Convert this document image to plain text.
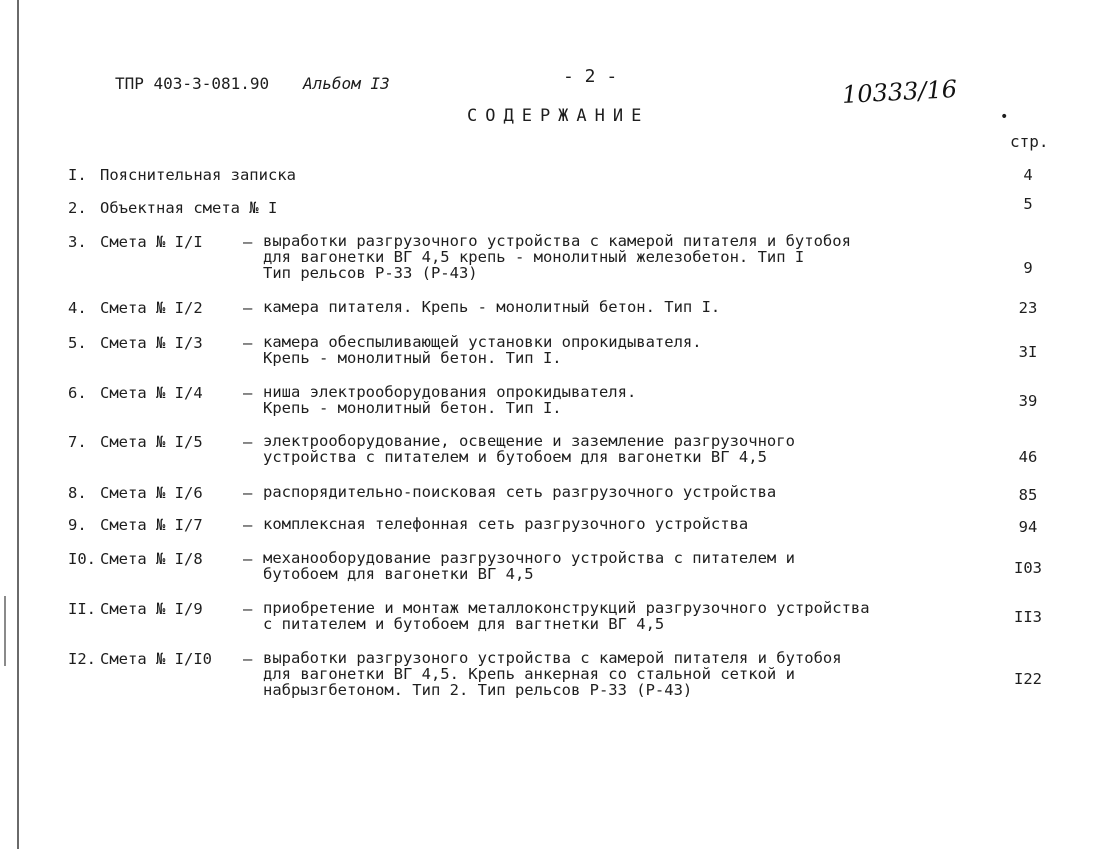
ТПР 403-3-081.90 Альбом I3	- 2 -	10333/16
СОДЕРЖАНИЕ	•
стр.
I. Пояснительная записка	4
2. Объектная смета № I	5
3. Смета № I/I	– выработки разгрузочного устройства с камерой питателя и бутобоя
для вагонетки ВГ 4,5 крепь - монолитный железобетон. Тип I
Тип рельсов Р-33 (Р-43)	9
4. Смета № I/2	– камера питателя. Крепь - монолитный бетон. Тип I.	23
5. Смета № I/3	– камера обеспыливающей установки опрокидывателя.
Крепь - монолитный бетон. Тип I.	3I
6. Смета № I/4	– ниша электрооборудования опрокидывателя.
Крепь - монолитный бетон. Тип I.	39
7. Смета № I/5	– электрооборудование, освещение и заземление разгрузочного
устройства с питателем и бутобоем для вагонетки ВГ 4,5	46
8. Смета № I/6	– распорядительно-поисковая сеть разгрузочного устройства	85
9. Смета № I/7	– комплексная телефонная сеть разгрузочного устройства	94
I0. Смета № I/8	– механооборудование разгрузочного устройства с питателем и
бутобоем для вагонетки ВГ 4,5	I03
II. Смета № I/9	– приобретение и монтаж металлоконструкций разгрузочного устройства
с питателем и бутобоем для вагтнетки ВГ 4,5	II3
I2. Смета № I/I0 – выработки разгрузоного устройства с камерой питателя и бутобоя
для вагонетки ВГ 4,5. Крепь анкерная со стальной сеткой и
набрызгбетоном. Тип 2. Тип рельсов Р-33 (Р-43)
I22
